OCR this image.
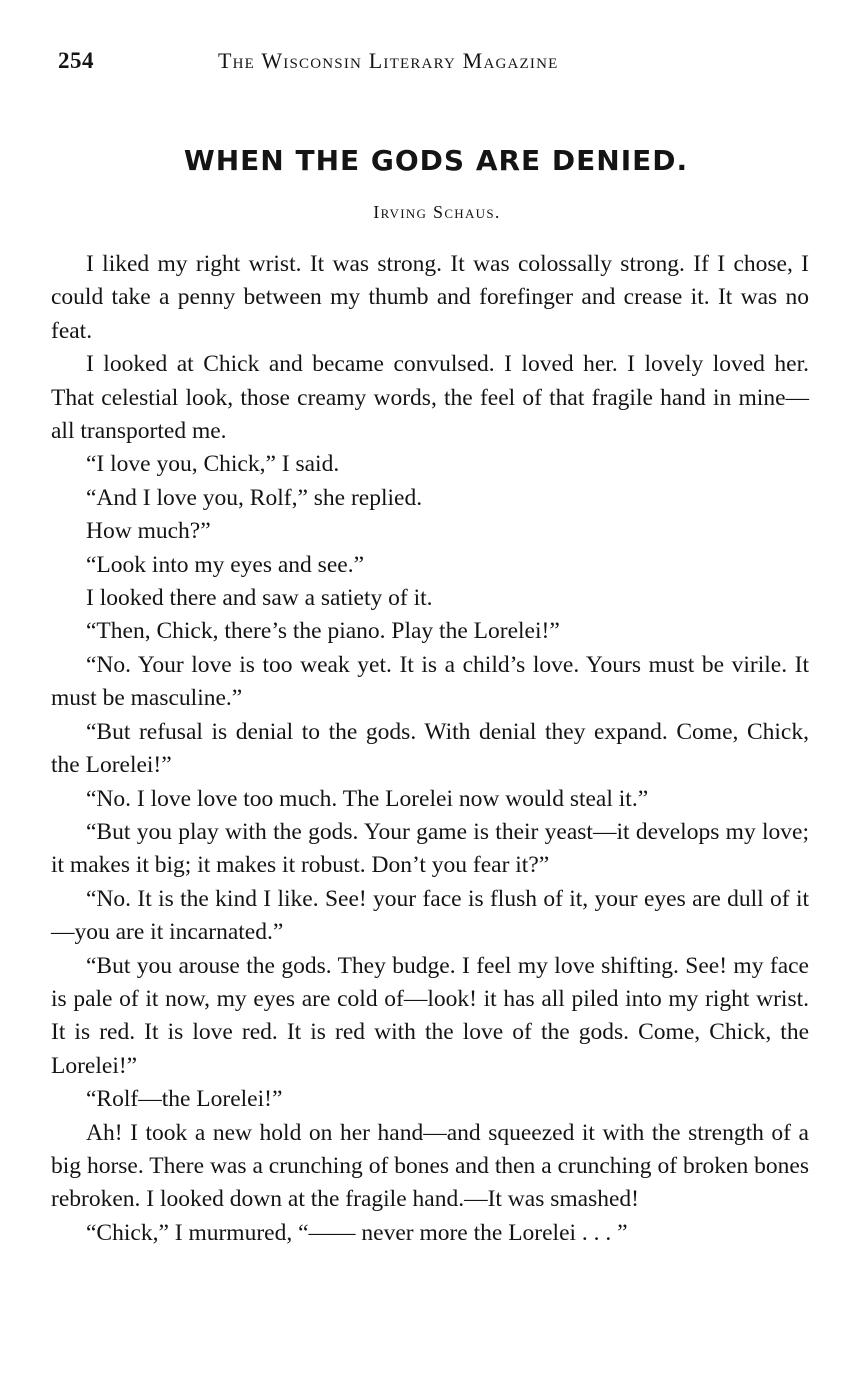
254	The Wisconsin Literary Magazine
WHEN THE GODS ARE DENIED.
Irving Schaus.

I liked my right wrist. It was strong. It was colossally strong. If I chose, I could take a penny between my thumb and forefinger and crease it. It was no feat.

I looked at Chick and became convulsed. I loved her. I lovely loved her. That celestial look, those creamy words, the feel of that fragile hand in mine—all transported me.

“I love you, Chick,” I said.

“And I love you, Rolf,” she replied.

How much?”

“Look into my eyes and see.”

I looked there and saw a satiety of it.

“Then, Chick, there’s the piano. Play the Lorelei!”

“No. Your love is too weak yet. It is a child’s love. Yours must be virile. It must be masculine.”

“But refusal is denial to the gods. With denial they expand. Come, Chick, the Lorelei!”

“No. I love love too much. The Lorelei now would steal it.”

“But you play with the gods. Your game is their yeast—it develops my love; it makes it big; it makes it robust. Don’t you fear it?”

“No. It is the kind I like. See! your face is flush of it, your eyes are dull of it—you are it incarnated.”

“But you arouse the gods. They budge. I feel my love shifting. See! my face is pale of it now, my eyes are cold of—look! it has all piled into my right wrist. It is red. It is love red. It is red with the love of the gods. Come, Chick, the Lorelei!”

“Rolf—the Lorelei!”

Ah! I took a new hold on her hand—and squeezed it with the strength of a big horse. There was a crunching of bones and then a crunching of broken bones rebroken. I looked down at the fragile hand.—It was smashed!

“Chick,” I murmured, “—— never more the Lorelei . . . ”
